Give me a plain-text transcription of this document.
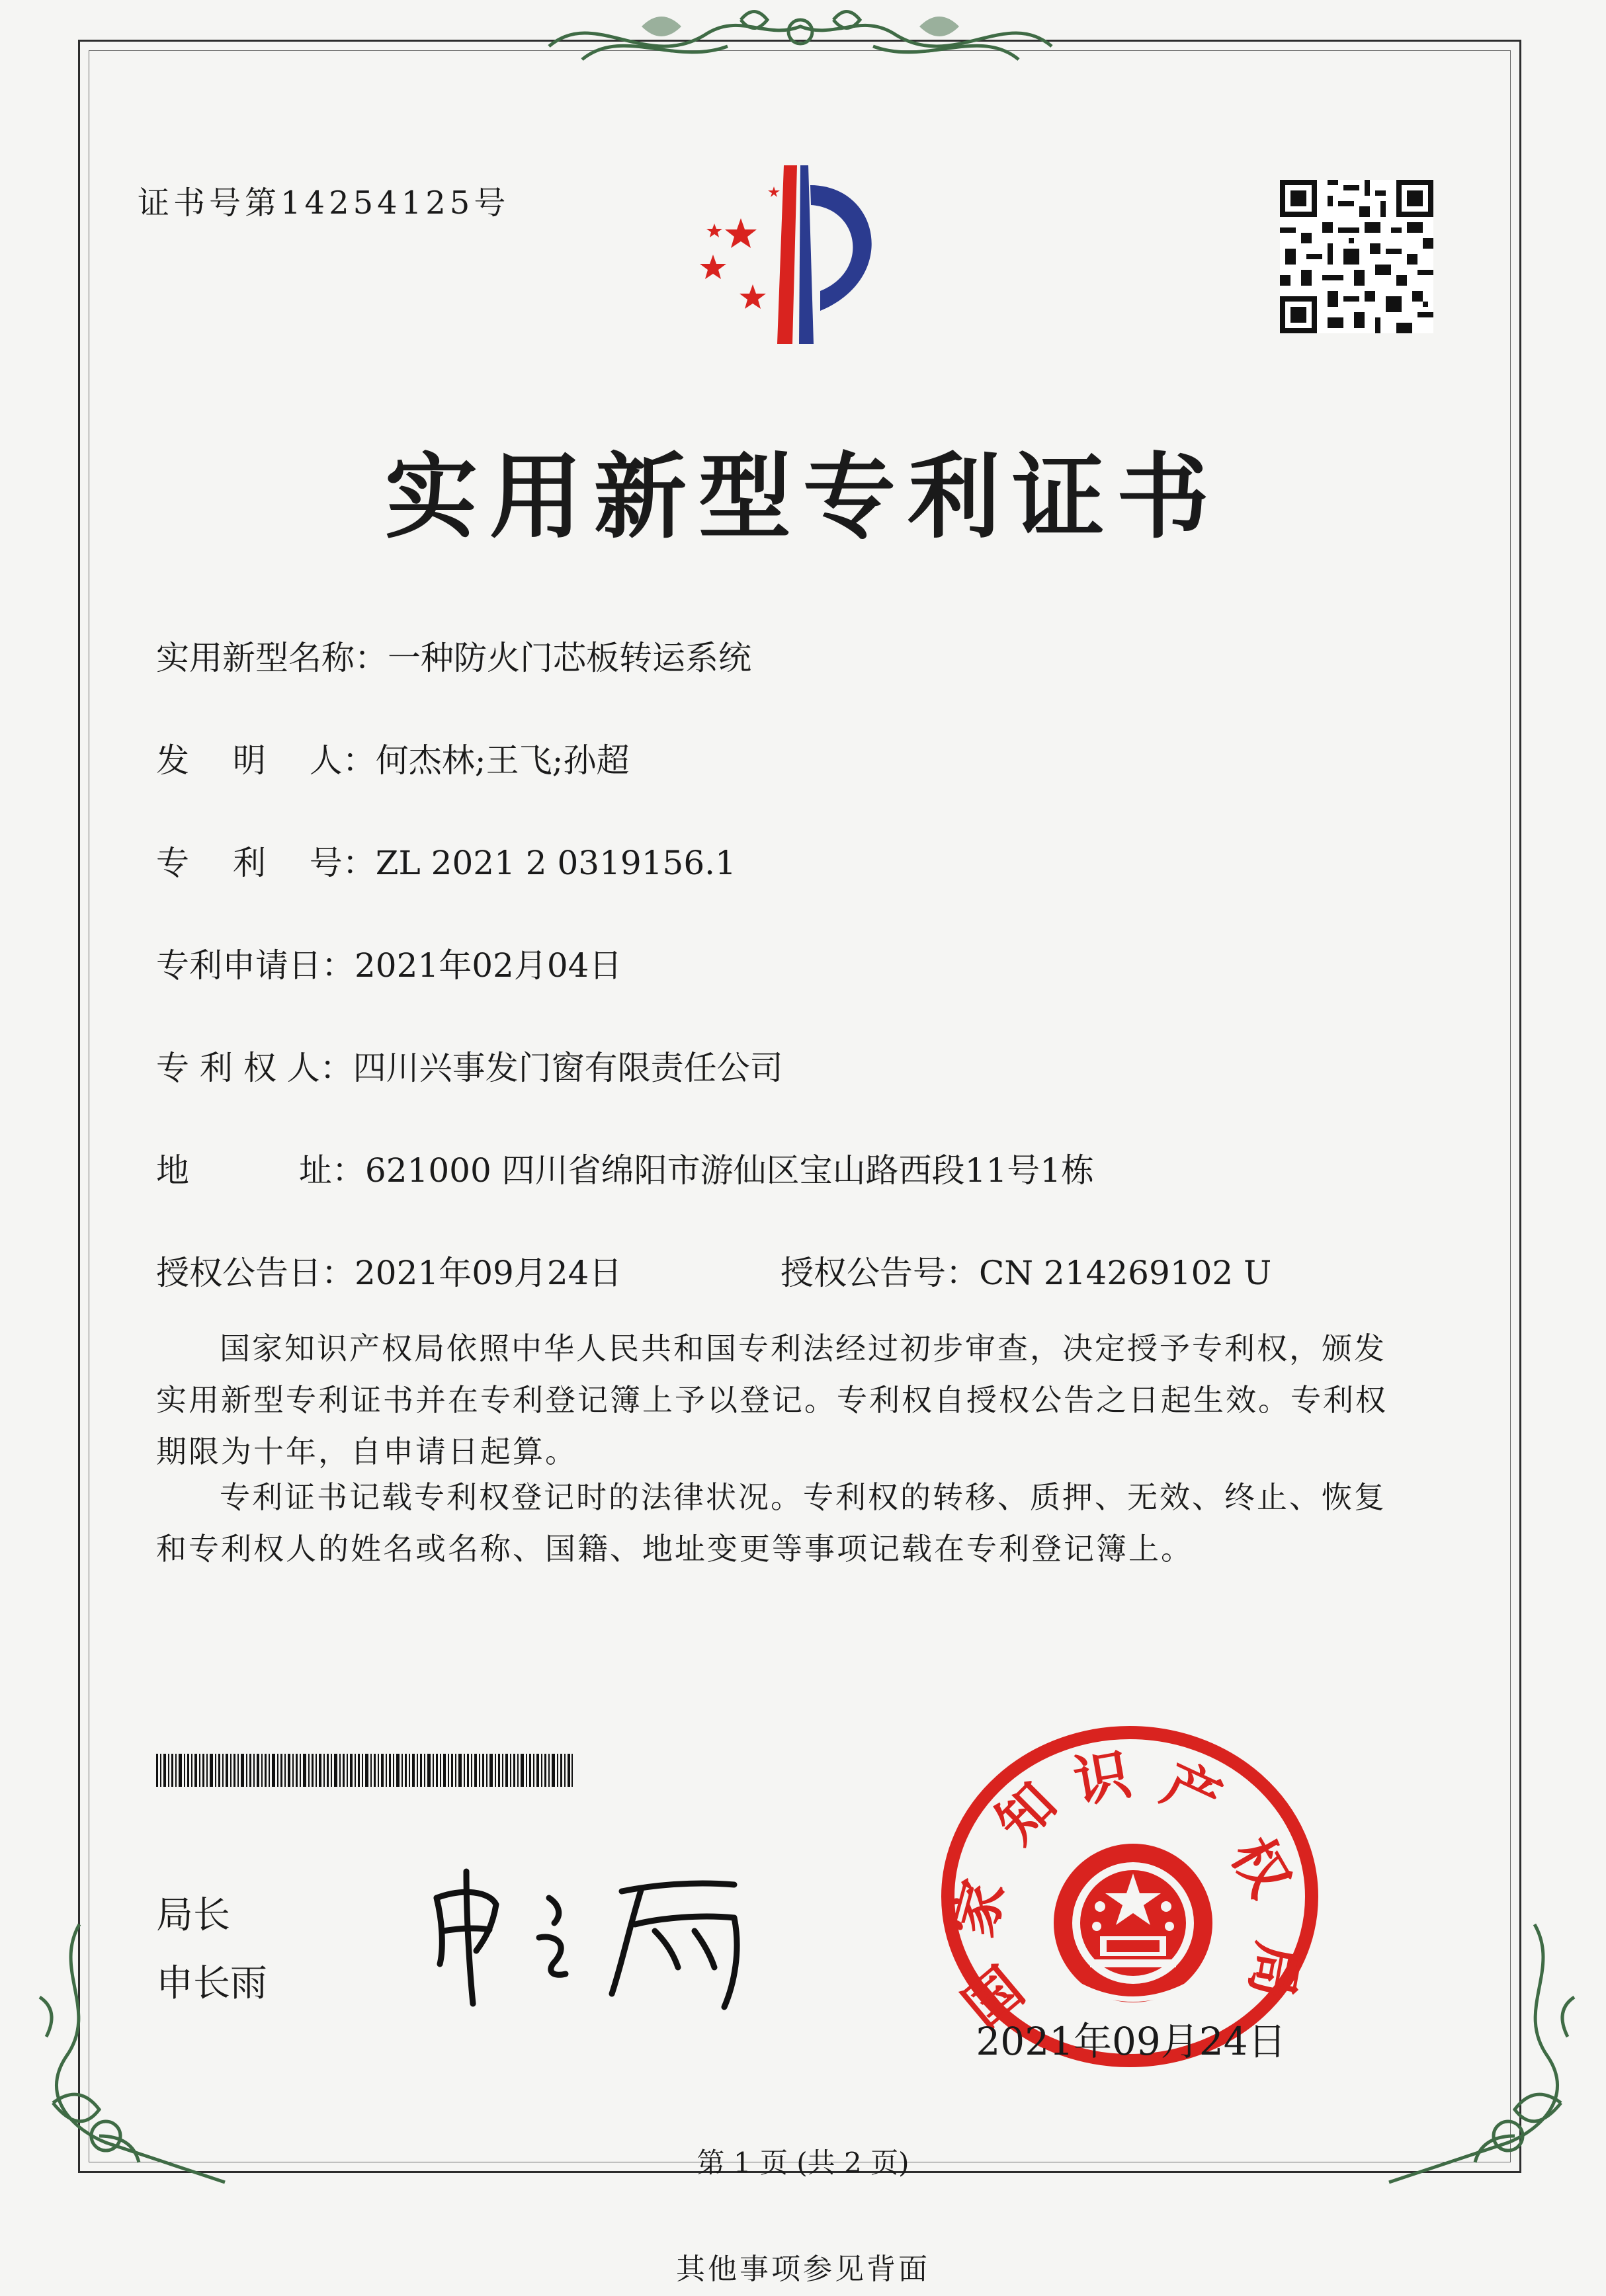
证书号第14254125号
实用新型专利证书
实用新型名称：一种防火门芯板转运系统
发　 明　 人：何杰林;王飞;孙超
专　 利　 号：ZL 2021 2 0319156.1
专利申请日：2021年02月04日
专 利 权 人：四川兴事发门窗有限责任公司
地　　　 址：621000 四川省绵阳市游仙区宝山路西段11号1栋
授权公告日：2021年09月24日	授权公告号：CN 214269102 U
国家知识产权局依照中华人民共和国专利法经过初步审查，决定授予专利权，颁发实用新型专利证书并在专利登记簿上予以登记。专利权自授权公告之日起生效。专利权期限为十年，自申请日起算。
专利证书记载专利权登记时的法律状况。专利权的转移、质押、无效、终止、恢复和专利权人的姓名或名称、国籍、地址变更等事项记载在专利登记簿上。
局长
申长雨	国
家
知 识 产
权
局
2021年09月24日
第 1 页 (共 2 页)
其他事项参见背面
